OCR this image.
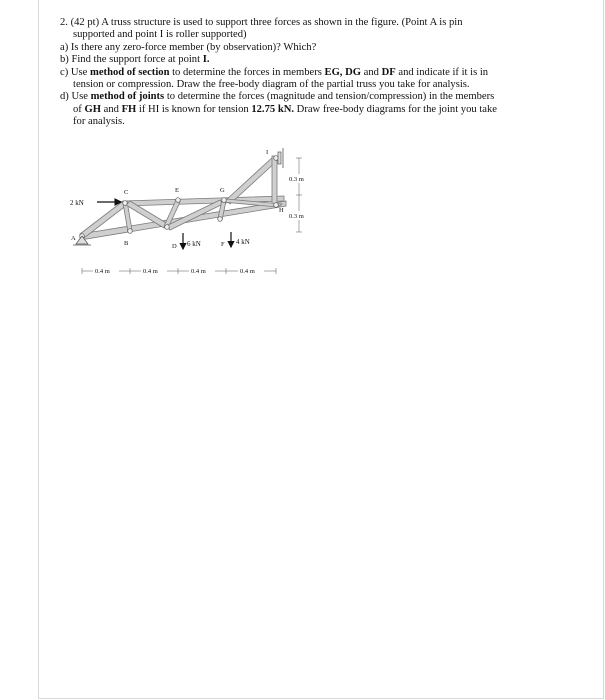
2. (42 pt) A truss structure is used to support three forces as shown in the figure. (Point A is pin
supported and point I is roller supported)
a) Is there any zero-force member (by observation)? Which?
b) Find the support force at point I.
c) Use method of section to determine the forces in members EG, DG and DF and indicate if it is in
tension or compression. Draw the free-body diagram of the partial truss you take for analysis.
d) Use method of joints to determine the forces (magnitude and tension/compression) in the members
of GH and FH if HI is known for tension 12.75 kN. Draw free-body diagrams for the joint you take
for analysis.
A
B
C
D
E
F
G
H
I
2 kN
6 kN	4 kN
0.3 m
0.3 m
0.4 m	0.4 m	0.4 m	0.4 m
